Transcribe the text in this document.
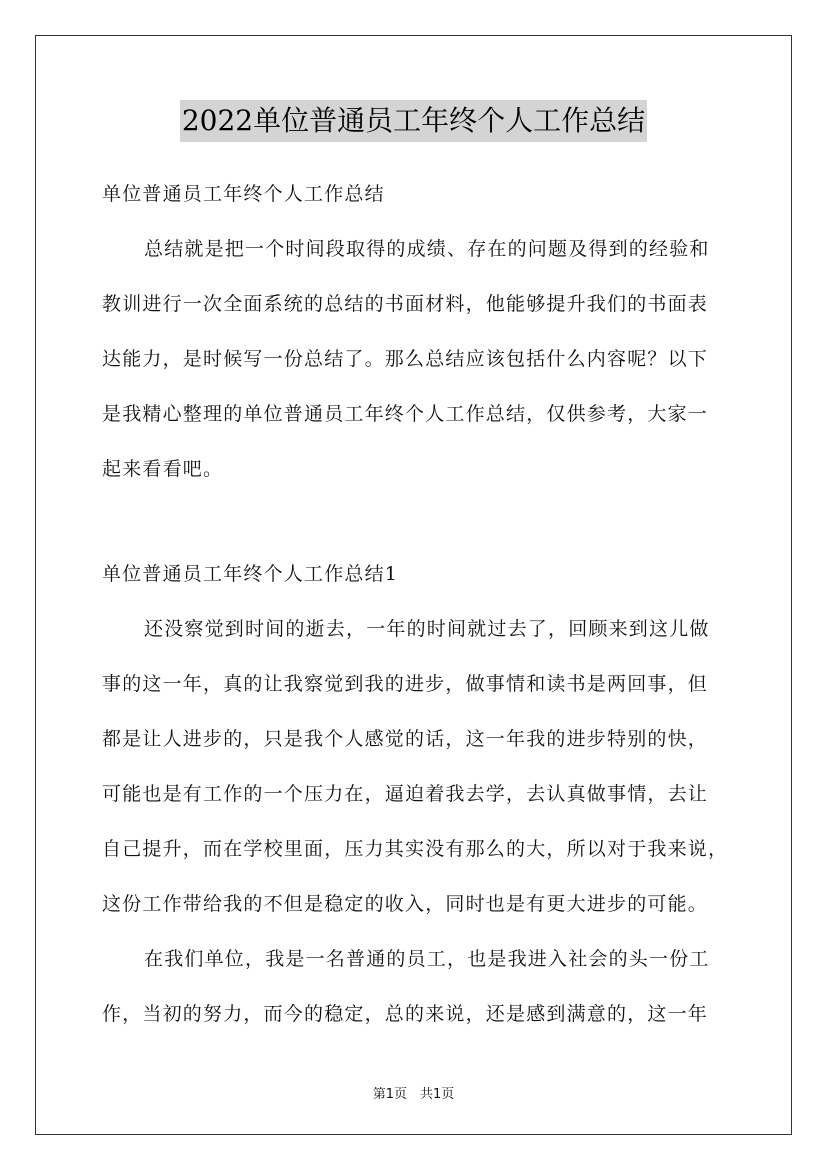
2022单位普通员工年终个人工作总结
单位普通员工年终个人工作总结
总结就是把一个时间段取得的成绩、存在的问题及得到的经验和
教训进行一次全面系统的总结的书面材料，他能够提升我们的书面表
达能力，是时候写一份总结了。那么总结应该包括什么内容呢？以下
是我精心整理的单位普通员工年终个人工作总结，仅供参考，大家一
起来看看吧。
单位普通员工年终个人工作总结1
还没察觉到时间的逝去，一年的时间就过去了，回顾来到这儿做
事的这一年，真的让我察觉到我的进步，做事情和读书是两回事，但
都是让人进步的，只是我个人感觉的话，这一年我的进步特别的快，
可能也是有工作的一个压力在，逼迫着我去学，去认真做事情，去让
自己提升，而在学校里面，压力其实没有那么的大，所以对于我来说，
这份工作带给我的不但是稳定的收入，同时也是有更大进步的可能。
在我们单位，我是一名普通的员工，也是我进入社会的头一份工
作，当初的努力，而今的稳定，总的来说，还是感到满意的，这一年
第1页　共1页
